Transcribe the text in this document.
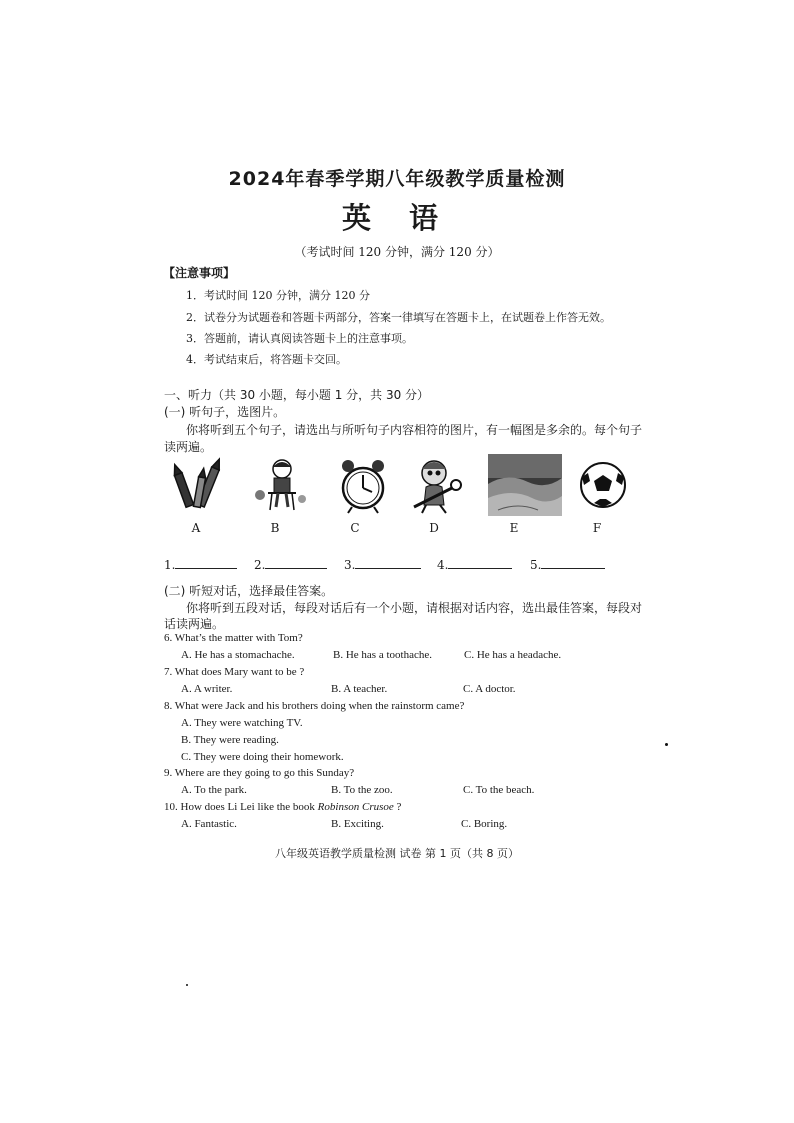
2024年春季学期八年级教学质量检测
英 语
（考试时间 120 分钟，满分 120 分）
【注意事项】
1．考试时间 120 分钟，满分 120 分
2．试卷分为试题卷和答题卡两部分，答案一律填写在答题卡上，在试题卷上作答无效。
3．答题前，请认真阅读答题卡上的注意事项。
4．考试结束后，将答题卡交回。
一、听力（共 30 小题，每小题 1 分，共 30 分）
(一) 听句子，选图片。
你将听到五个句子，请选出与所听句子内容相符的图片，有一幅图是多余的。每个句子
读两遍。
A	B	C	D	E	F
1.	2.	3.	4.	5.
(二) 听短对话，选择最佳答案。
你将听到五段对话，每段对话后有一个小题，请根据对话内容，选出最佳答案，每段对
话读两遍。
6. What’s the matter with Tom?
A. He has a stomachache.	B. He has a toothache.	C. He has a headache.
7. What does Mary want to be ?
A. A writer.	B. A teacher.	C. A doctor.
8. What were Jack and his brothers doing when the rainstorm came?
A. They were watching TV.
B. They were reading.
C. They were doing their homework.
9. Where are they going to go this Sunday?
A. To the park.	B. To the zoo.	C. To the beach.
10. How does Li Lei like the book Robinson Crusoe ?
A. Fantastic.	B. Exciting.	C. Boring.
八年级英语教学质量检测 试卷 第 1 页（共 8 页）
